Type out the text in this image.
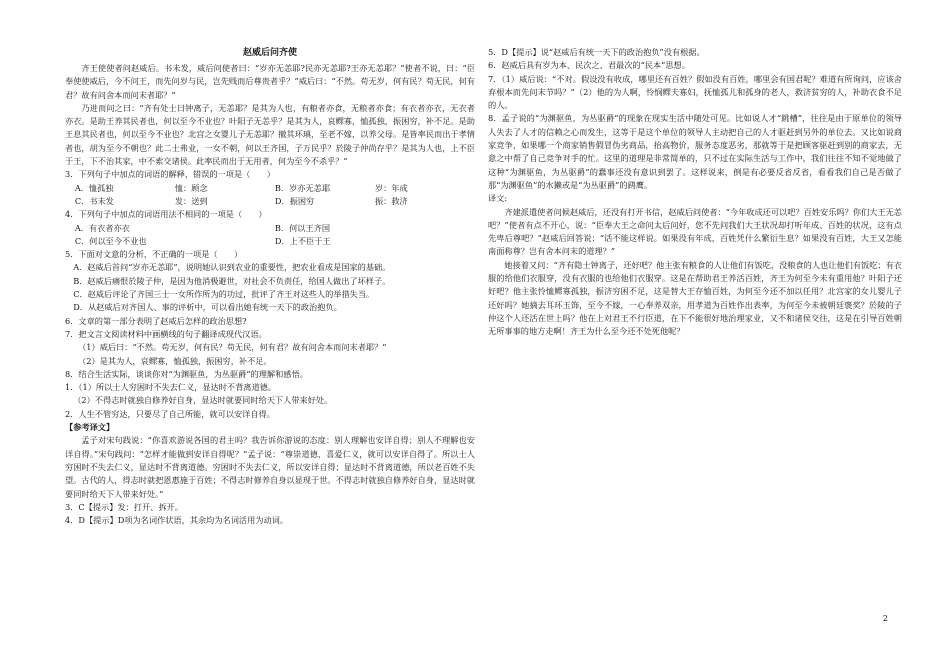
赵威后问齐使

齐王使使者问赵威后。书未发，威后问使者曰：“岁亦无恙耶?民亦无恙耶?王亦无恙耶？”使者不说，曰：“臣奉使使威后，今不问王，而先问岁与民，岂先贱而后尊贵者乎？”威后曰：“不然。苟无岁，何有民？苟无民，何有君？故有问舍本而问末者耶？”

乃进而问之曰：“齐有处士曰钟离子，无恙耶？是其为人也，有粮者亦食，无粮者亦食；有衣者亦衣，无衣者亦衣。是助王养其民者也，何以至今不业也？叶阳子无恙乎？是其为人，哀鳏寡，恤孤独，振困穷，补不足。是助王息其民者也，何以至今不业也？北宫之女婴儿子无恙耶？撤其环瑱，至老不嫁，以养父母。是皆率民而出于孝情者也，胡为至今不朝也？此二士弗业，一女不朝，何以王齐国，子万民乎？於陵子仲尚存乎？是其为人也，上不臣于王，下不治其家，中不索交诸侯。此率民而出于无用者，何为至今不杀乎？”

3．下列句子中加点的词语的解释，错误的一项是（　　）

A．恤孤独	恤：顾念	B．岁亦无恙耶	岁：年成
C．书未发	发：送到	D．振困穷	振：救济

4．下列句子中加点的词语用法不相同的一项是（　　）

A．有衣者亦衣	B．何以王齐国
C．何以至今不业也	D．上不臣于王

5．下面对文意的分析，不正确的一项是（　　）

A．赵威后首问“岁亦无恙耶”，说明她认识到农业的重要性，把农业看成是国家的基础。

B．赵威后痛恨於陵子仲，是因为他消极避世，对社会不负责任，给国人做出了坏样子。

C．赵威后评论了齐国三士一女所作所为的功过，批评了齐王对这些人的举措失当。

D．从赵威后对齐国人、事的评析中，可以看出她有统一天下的政治抱负。

6．文章的第一部分表明了赵威后怎样的政治思想?

7．把文言文阅读材料中画横线的句子翻译成现代汉语。

（1）威后曰：“不然。苟无岁，何有民？苟无民，何有君？故有问舍本而问末者耶？”

（2）是其为人，哀鳏寡，恤孤独，振困穷，补不足。

8．结合生活实际，谈谈你对“为渊驱鱼，为丛驱爵”的理解和感悟。

1．（1）所以士人穷困时不失去仁义，显达时不背离道德。

（2）不得志时就独自修养好自身，显达时就要同时给天下人带来好处。

2．人生不管穷达，只要尽了自己所能，就可以安详自得。

【参考译文】

孟子对宋句践说：“你喜欢游说各国的君主吗？我告诉你游说的态度：别人理解也安详自得；别人不理解也安详自得。”宋句践问：“怎样才能做到安详自得呢？”孟子说：“尊崇道德，喜爱仁义，就可以安详自得了。所以士人穷困时不失去仁义，显达时不背离道德。穷困时不失去仁义，所以安详自得；显达时不背离道德，所以老百姓不失望。古代的人，得志时就把恩惠施于百姓；不得志时修养自身以显现于世。不得志时就独自修养好自身，显达时就要同时给天下人带来好处。”

3．C【提示】发：打开、拆开。

4．D【提示】D项为名词作状语，其余均为名词活用为动词。

5．D【提示】说“赵威后有统一天下的政治抱负”没有根据。

6．赵威后具有岁为本、民次之、君最次的“民本”思想。

7．（1）威后说：“不对。假设没有收成，哪里还有百姓？假如没有百姓，哪里会有国君呢？难道有所询问，应该舍弃根本而先问末节吗？”（2）他的为人啊，怜悯鳏夫寡妇，抚恤孤儿和孤身的老人，救济贫穷的人，补助衣食不足的人。

8．孟子说的“为渊驱鱼，为丛驱爵”的现象在现实生活中随处可见。比如说人才“跳槽”，往往是由于原单位的领导人失去了人才的信赖之心而发生，这等于是这个单位的领导人主动把自己的人才驱赶到另外的单位去。又比如说商家竞争，如果哪一个商家销售假冒伪劣商品，抬高物价，服务态度恶劣，那就等于是把顾客驱赶到别的商家去，无意之中帮了自己竞争对手的忙。这里的道理是非常简单的，只不过在实际生活与工作中，我们往往不知不觉地做了这种“为渊驱鱼，为丛驱爵”的蠢事还没有意识到罢了。这样说来，倒是有必要反省反省，看看我们自己是否做了那“为渊驱鱼”的水獭或是“为丛驱爵”的鹞鹰。

译文:

齐建派遣使者问候赵威后，还没有打开书信，赵威后问使者：“今年收成还可以吧？百姓安乐吗？你们大王无恙吧？”使者有点不开心，说：“臣奉大王之命问太后问好，您不先问我们大王状况却打听年成、百姓的状况，这有点先卑后尊吧？”赵威后回答说：“话不能这样说。如果没有年成，百姓凭什么繁衍生息？如果没有百姓，大王又怎能南面称尊？岂有舍本问末的道理？”

她接着又问：“齐有隐士钟离子，还好吧？他主张有粮食的人让他们有饭吃，没粮食的人也让他们有饭吃；有衣服的给他们衣服穿，没有衣服的也给他们衣服穿。这是在帮助君王养活百姓，齐王为何至今未有重用他？叶阳子还好吧？他主张怜恤鳏寡孤独，振济穷困不足，这是替大王存恤百姓，为何至今还不加以任用？北宫家的女儿婴儿子还好吗？她摘去耳环玉饰，至今不嫁，一心奉养双亲，用孝道为百姓作出表率，为何至今未被朝廷褒奖？於陵的子仲这个人还活在世上吗？他在上对君王不行臣道，在下不能很好地治理家业，又不和诸侯交往，这是在引导百姓朝无所事事的地方走啊！齐王为什么至今还不处死他呢？

2
